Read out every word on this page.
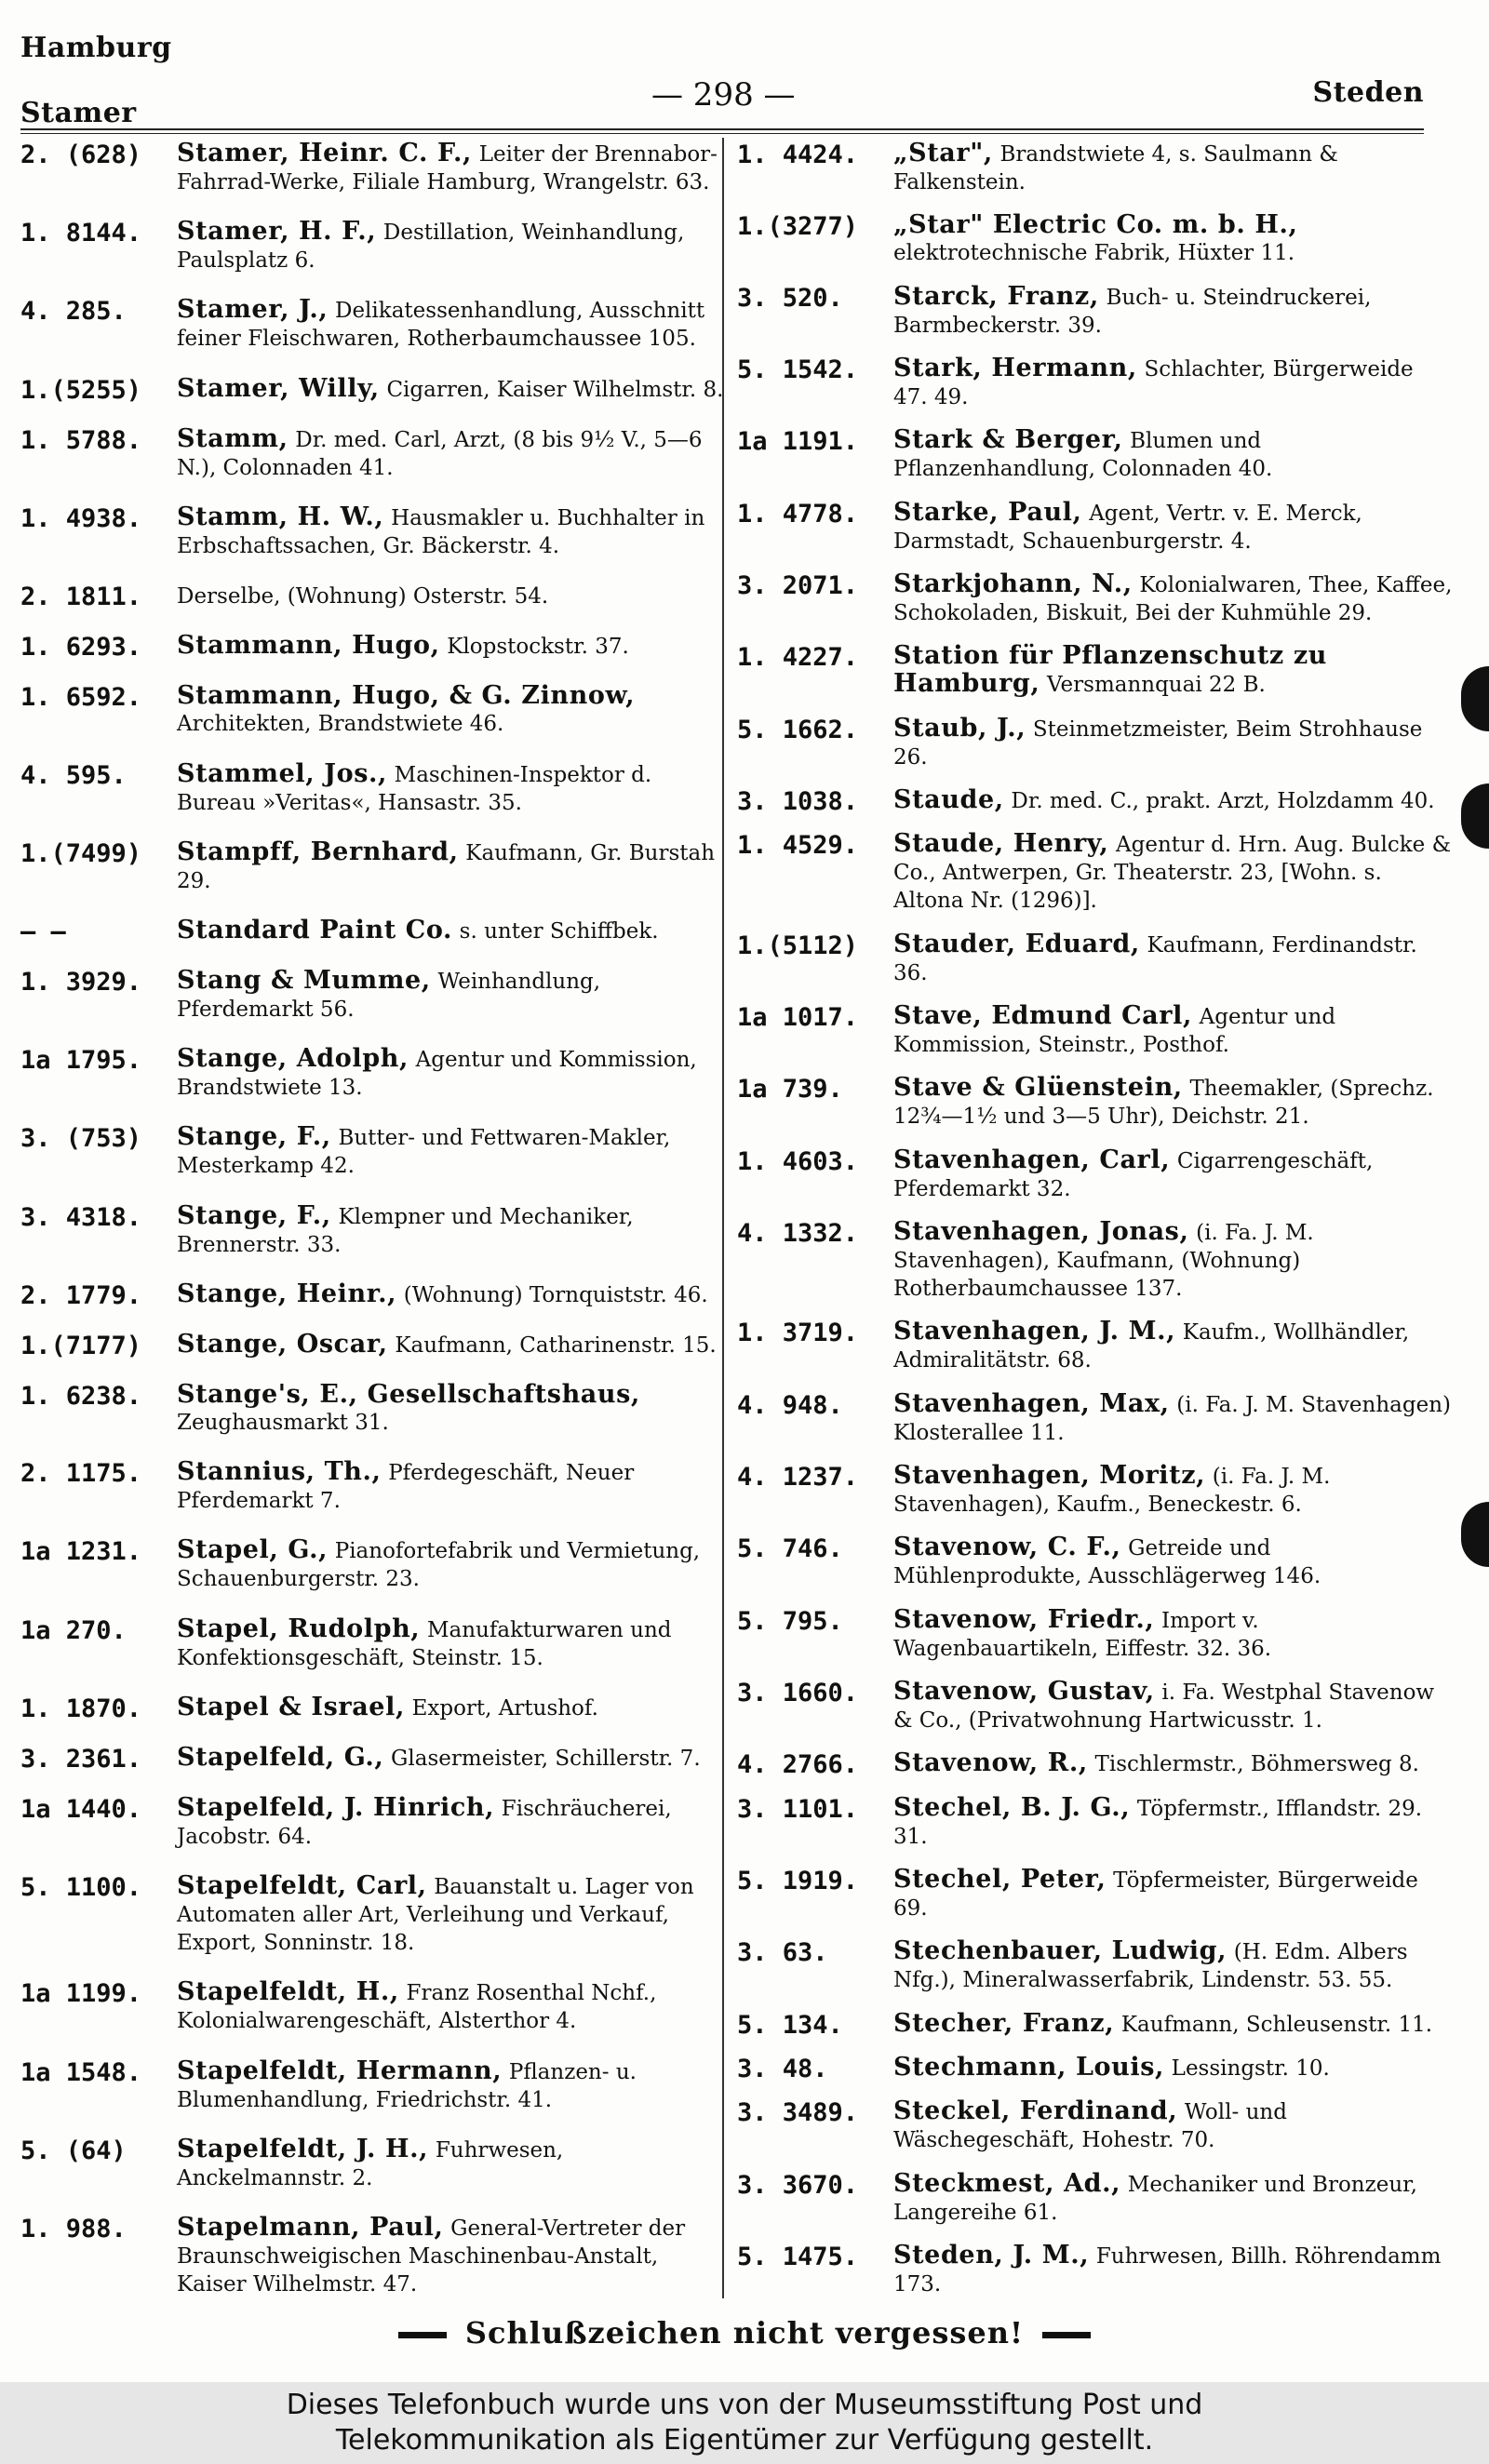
Hamburg
Stamer	— 298 —	Steden
2. (628)	Stamer, Heinr. C. F., Leiter der Brennabor-Fahrrad-Werke, Filiale Hamburg, Wrangelstr. 63.
1. 8144.	Stamer, H. F., Destillation, Weinhandlung, Paulsplatz 6.
4. 285.	Stamer, J., Delikatessenhandlung, Ausschnitt feiner Fleischwaren, Rotherbaumchaussee 105.
1.(5255)	Stamer, Willy, Cigarren, Kaiser Wilhelmstr. 8.
1. 5788.	Stamm, Dr. med. Carl, Arzt, (8 bis 9½ V., 5—6 N.), Colonnaden 41.
1. 4938.	Stamm, H. W., Hausmakler u. Buchhalter in Erbschaftssachen, Gr. Bäckerstr. 4.
2. 1811.	Derselbe, (Wohnung) Osterstr. 54.
1. 6293.	Stammann, Hugo, Klopstockstr. 37.
1. 6592.	Stammann, Hugo, & G. Zinnow, Architekten, Brandstwiete 46.
4. 595.	Stammel, Jos., Maschinen-Inspektor d. Bureau »Veritas«, Hansastr. 35.
1.(7499)	Stampff, Bernhard, Kaufmann, Gr. Burstah 29.
— —	Standard Paint Co. s. unter Schiffbek.
1. 3929.	Stang & Mumme, Weinhandlung, Pferdemarkt 56.
1a 1795.	Stange, Adolph, Agentur und Kommission, Brandstwiete 13.
3. (753)	Stange, F., Butter- und Fettwaren-Makler, Mesterkamp 42.
3. 4318.	Stange, F., Klempner und Mechaniker, Brennerstr. 33.
2. 1779.	Stange, Heinr., (Wohnung) Tornquiststr. 46.
1.(7177)	Stange, Oscar, Kaufmann, Catharinenstr. 15.
1. 6238.	Stange's, E., Gesellschaftshaus, Zeughausmarkt 31.
2. 1175.	Stannius, Th., Pferdegeschäft, Neuer Pferdemarkt 7.
1a 1231.	Stapel, G., Pianofortefabrik und Vermietung, Schauenburgerstr. 23.
1a 270.	Stapel, Rudolph, Manufakturwaren und Konfektionsgeschäft, Steinstr. 15.
1. 1870.	Stapel & Israel, Export, Artushof.
3. 2361.	Stapelfeld, G., Glasermeister, Schillerstr. 7.
1a 1440.	Stapelfeld, J. Hinrich, Fischräucherei, Jacobstr. 64.
5. 1100.	Stapelfeldt, Carl, Bauanstalt u. Lager von Automaten aller Art, Verleihung und Verkauf, Export, Sonninstr. 18.
1a 1199.	Stapelfeldt, H., Franz Rosenthal Nchf., Kolonialwarengeschäft, Alsterthor 4.
1a 1548.	Stapelfeldt, Hermann, Pflanzen- u. Blumenhandlung, Friedrichstr. 41.
5. (64)	Stapelfeldt, J. H., Fuhrwesen, Anckelmannstr. 2.
1. 988.	Stapelmann, Paul, General-Vertreter der Braunschweigischen Maschinenbau-Anstalt, Kaiser Wilhelmstr. 47.
1. 4424.	„Star", Brandstwiete 4, s. Saulmann & Falkenstein.
1.(3277)	„Star" Electric Co. m. b. H., elektrotechnische Fabrik, Hüxter 11.
3. 520.	Starck, Franz, Buch- u. Steindruckerei, Barmbeckerstr. 39.
5. 1542.	Stark, Hermann, Schlachter, Bürgerweide 47. 49.
1a 1191.	Stark & Berger, Blumen und Pflanzenhandlung, Colonnaden 40.
1. 4778.	Starke, Paul, Agent, Vertr. v. E. Merck, Darmstadt, Schauenburgerstr. 4.
3. 2071.	Starkjohann, N., Kolonialwaren, Thee, Kaffee, Schokoladen, Biskuit, Bei der Kuhmühle 29.
1. 4227.	Station für Pflanzenschutz zu Hamburg, Versmannquai 22 B.
5. 1662.	Staub, J., Steinmetzmeister, Beim Strohhause 26.
3. 1038.	Staude, Dr. med. C., prakt. Arzt, Holzdamm 40.
1. 4529.	Staude, Henry, Agentur d. Hrn. Aug. Bulcke & Co., Antwerpen, Gr. Theaterstr. 23, [Wohn. s. Altona Nr. (1296)].
1.(5112)	Stauder, Eduard, Kaufmann, Ferdinandstr. 36.
1a 1017.	Stave, Edmund Carl, Agentur und Kommission, Steinstr., Posthof.
1a 739.	Stave & Glüenstein, Theemakler, (Sprechz. 12¾—1½ und 3—5 Uhr), Deichstr. 21.
1. 4603.	Stavenhagen, Carl, Cigarrengeschäft, Pferdemarkt 32.
4. 1332.	Stavenhagen, Jonas, (i. Fa. J. M. Stavenhagen), Kaufmann, (Wohnung) Rotherbaumchaussee 137.
1. 3719.	Stavenhagen, J. M., Kaufm., Wollhändler, Admiralitätstr. 68.
4. 948.	Stavenhagen, Max, (i. Fa. J. M. Stavenhagen) Klosterallee 11.
4. 1237.	Stavenhagen, Moritz, (i. Fa. J. M. Stavenhagen), Kaufm., Beneckestr. 6.
5. 746.	Stavenow, C. F., Getreide und Mühlenprodukte, Ausschlägerweg 146.
5. 795.	Stavenow, Friedr., Import v. Wagenbauartikeln, Eiffestr. 32. 36.
3. 1660.	Stavenow, Gustav, i. Fa. Westphal Stavenow & Co., (Privatwohnung Hartwicusstr. 1.
4. 2766.	Stavenow, R., Tischlermstr., Böhmersweg 8.
3. 1101.	Stechel, B. J. G., Töpfermstr., Ifflandstr. 29. 31.
5. 1919.	Stechel, Peter, Töpfermeister, Bürgerweide 69.
3. 63.	Stechenbauer, Ludwig, (H. Edm. Albers Nfg.), Mineralwasserfabrik, Lindenstr. 53. 55.
5. 134.	Stecher, Franz, Kaufmann, Schleusenstr. 11.
3. 48.	Stechmann, Louis, Lessingstr. 10.
3. 3489.	Steckel, Ferdinand, Woll- und Wäschegeschäft, Hohestr. 70.
3. 3670.	Steckmest, Ad., Mechaniker und Bronzeur, Langereihe 61.
5. 1475.	Steden, J. M., Fuhrwesen, Billh. Röhrendamm 173.
Schlußzeichen nicht vergessen!
Dieses Telefonbuch wurde uns von der Museumsstiftung Post und
Telekommunikation als Eigentümer zur Verfügung gestellt.
